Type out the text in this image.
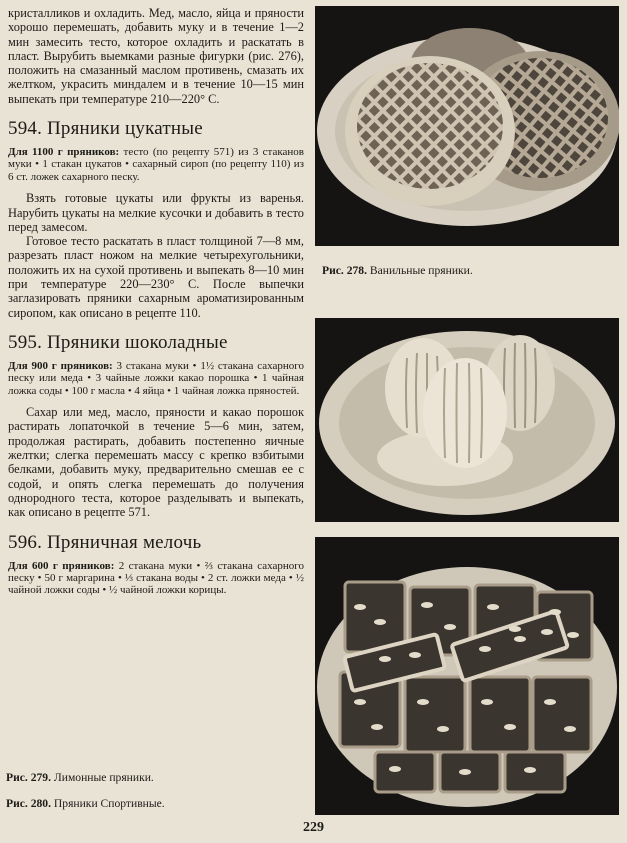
кристалликов и охладить. Мед, масло, яйца и пряности хорошо перемешать, добавить муку и в течение 1—2 мин замесить тесто, которое охладить и раскатать в пласт. Вырубить выемками разные фигурки (рис. 276), положить на смазанный маслом противень, смазать их желтком, украсить миндалем и в течение 10—15 мин выпекать при температуре 210—220° С.

594. Пряники цукатные

Для 1100 г пряников: тесто (по рецепту 571) из 3 стаканов муки • 1 стакан цукатов • сахарный сироп (по рецепту 110) из 6 ст. ложек сахарного песку.

Взять готовые цукаты или фрукты из варенья. Нарубить цукаты на мелкие кусочки и добавить в тесто перед замесом.

Готовое тесто раскатать в пласт толщиной 7—8 мм, разрезать пласт ножом на мелкие четырехугольники, положить их на сухой противень и выпекать 8—10 мин при температуре 220—230° С. После выпечки заглазировать пряники сахарным ароматизированным сиропом, как описано в рецепте 110.

595. Пряники шоколадные

Для 900 г пряников: 3 стакана муки • 1½ стакана сахарного песку или меда • 3 чайные ложки какао порошка • 1 чайная ложка соды • 100 г масла • 4 яйца • 1 чайная ложка пряностей.

Сахар или мед, масло, пряности и какао порошок растирать лопаточкой в течение 5—6 мин, затем, продолжая растирать, добавить постепенно яичные желтки; слегка перемешать массу с крепко взбитыми белками, добавить муку, предварительно смешав ее с содой, и опять слегка перемешать до получения однородного теста, которое разделывать и выпекать, как описано в рецепте 571.

596. Пряничная мелочь

Для 600 г пряников: 2 стакана муки • ⅔ стакана сахарного песку • 50 г маргарина • ⅓ стакана воды • 2 ст. ложки меда • ½ чайной ложки соды • ½ чайной ложки корицы.

Рис. 278. Ванильные пряники.

Рис. 279. Лимонные пряники.

Рис. 280. Пряники Спортивные.

229
